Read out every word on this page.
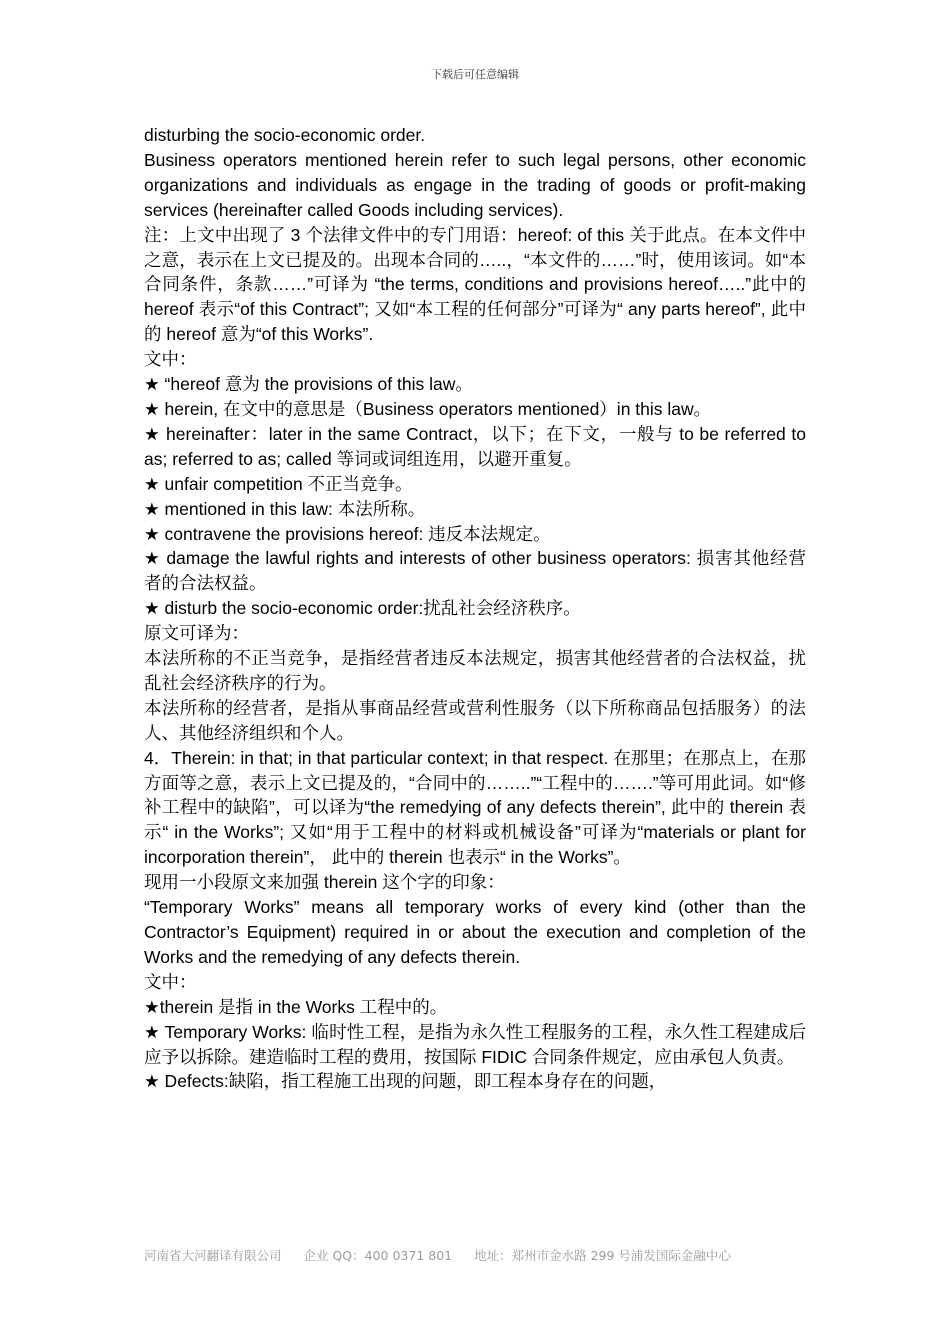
下载后可任意编辑

disturbing the socio-economic order.

Business operators mentioned herein refer to such legal persons, other economic organizations and individuals as engage in the trading of goods or profit-making services (hereinafter called Goods including services).

注：上文中出现了 3 个法律文件中的专门用语：hereof: of this 关于此点。在本文件中之意，表示在上文已提及的。出现本合同的…..，“本文件的……”时，使用该词。如“本合同条件，条款……”可译为 “the terms, conditions and provisions hereof…..”此中的 hereof 表示“of this Contract”; 又如“本工程的任何部分”可译为“ any parts hereof”, 此中的 hereof 意为“of this Works”.

文中：

★ “hereof 意为 the provisions of this law。

★ herein, 在文中的意思是（Business operators mentioned）in this law。

★ hereinafter：later in the same Contract，以下；在下文，一般与 to be referred to as; referred to as; called 等词或词组连用，以避开重复。

★ unfair competition 不正当竞争。

★ mentioned in this law: 本法所称。

★ contravene the provisions hereof: 违反本法规定。

★ damage the lawful rights and interests of other business operators: 损害其他经营者的合法权益。

★ disturb the socio-economic order:扰乱社会经济秩序。

原文可译为：

本法所称的不正当竞争，是指经营者违反本法规定，损害其他经营者的合法权益，扰乱社会经济秩序的行为。

本法所称的经营者，是指从事商品经营或营利性服务（以下所称商品包括服务）的法人、其他经济组织和个人。

4．Therein: in that; in that particular context; in that respect. 在那里；在那点上，在那方面等之意，表示上文已提及的，“合同中的……..”“工程中的…….”等可用此词。如“修补工程中的缺陷”，可以译为“the remedying of any defects therein”, 此中的 therein 表示“ in the Works”; 又如“用于工程中的材料或机械设备”可译为“materials or plant for incorporation therein”， 此中的 therein 也表示“ in the Works”。

现用一小段原文来加强 therein 这个字的印象：

“Temporary Works” means all temporary works of every kind (other than the Contractor’s Equipment) required in or about the execution and completion of the Works and the remedying of any defects therein.

文中：

★therein 是指 in the Works 工程中的。

★ Temporary Works: 临时性工程，是指为永久性工程服务的工程，永久性工程建成后应予以拆除。建造临时工程的费用，按国际 FIDIC 合同条件规定，应由承包人负责。

★ Defects:缺陷，指工程施工出现的问题，即工程本身存在的问题，

河南省大河翻译有限公司 企业 QQ：400 0371 801 地址：郑州市金水路 299 号浦发国际金融中心
